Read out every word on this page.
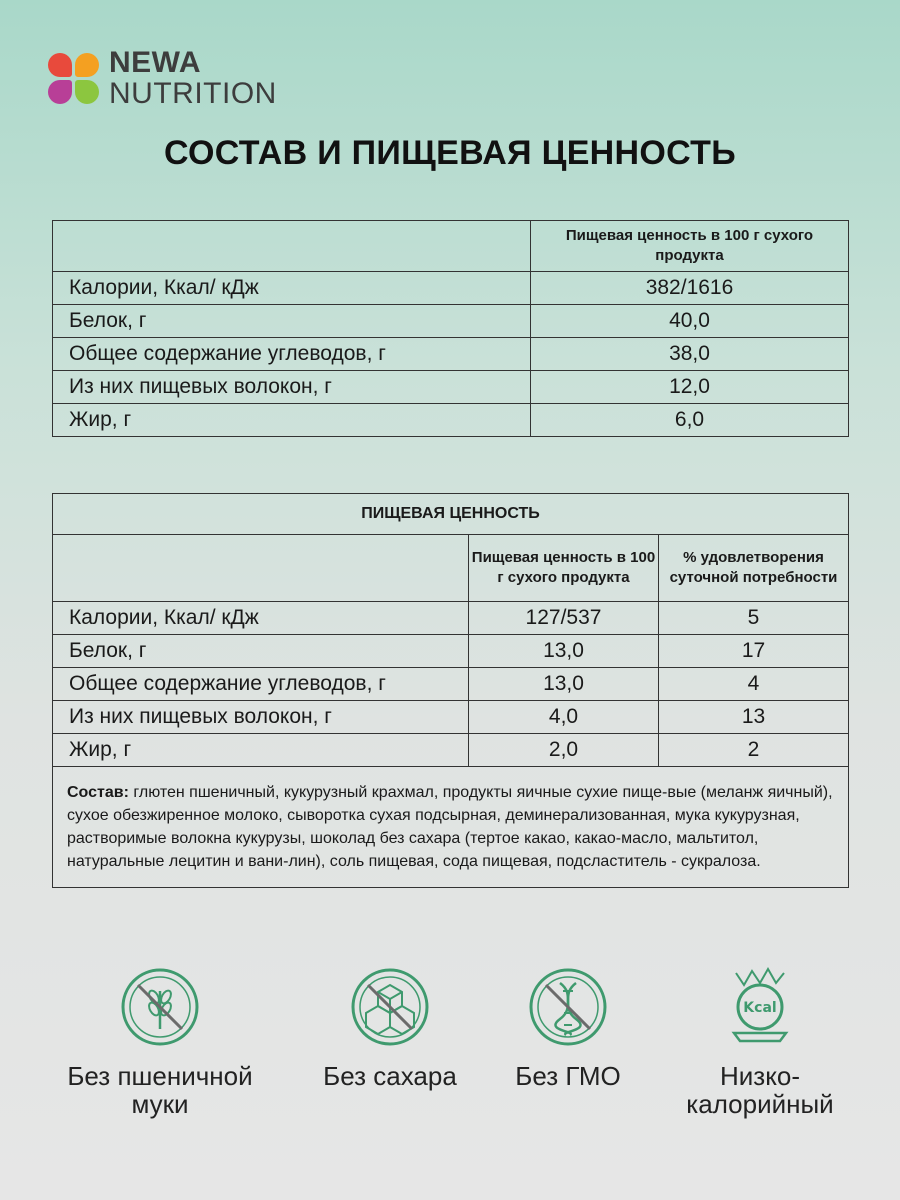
NEWA
NUTRITION
СОСТАВ И ПИЩЕВАЯ ЦЕННОСТЬ
	Пищевая ценность в 100 г сухого продукта
Калории, Ккал/ кДж	382/1616
Белок, г	40,0
Общее содержание углеводов, г	38,0
Из них пищевых волокон, г	12,0
Жир, г	6,0
ПИЩЕВАЯ ЦЕННОСТЬ		
	Пищевая ценность в 100 г сухого продукта	% удовлетворения суточной потребности
Калории, Ккал/ кДж	127/537	5
Белок, г	13,0	17
Общее содержание углеводов, г	13,0	4
Из них пищевых волокон, г	4,0	13
Жир, г	2,0	2
Состав: глютен пшеничный, кукурузный крахмал, продукты яичные сухие пище-вые (меланж яичный), сухое обезжиренное молоко, сыворотка сухая подсырная, деминерализованная, мука кукурузная, растворимые волокна кукурузы, шоколад без сахара (тертое какао, какао-масло, мальтитол, натуральные лецитин и вани-лин), соль пищевая, сода пищевая, подсластитель - сукралоза.		
Без пшеничной
муки
Без сахара	Без ГМО
Kcal
Низко-
калорийный
